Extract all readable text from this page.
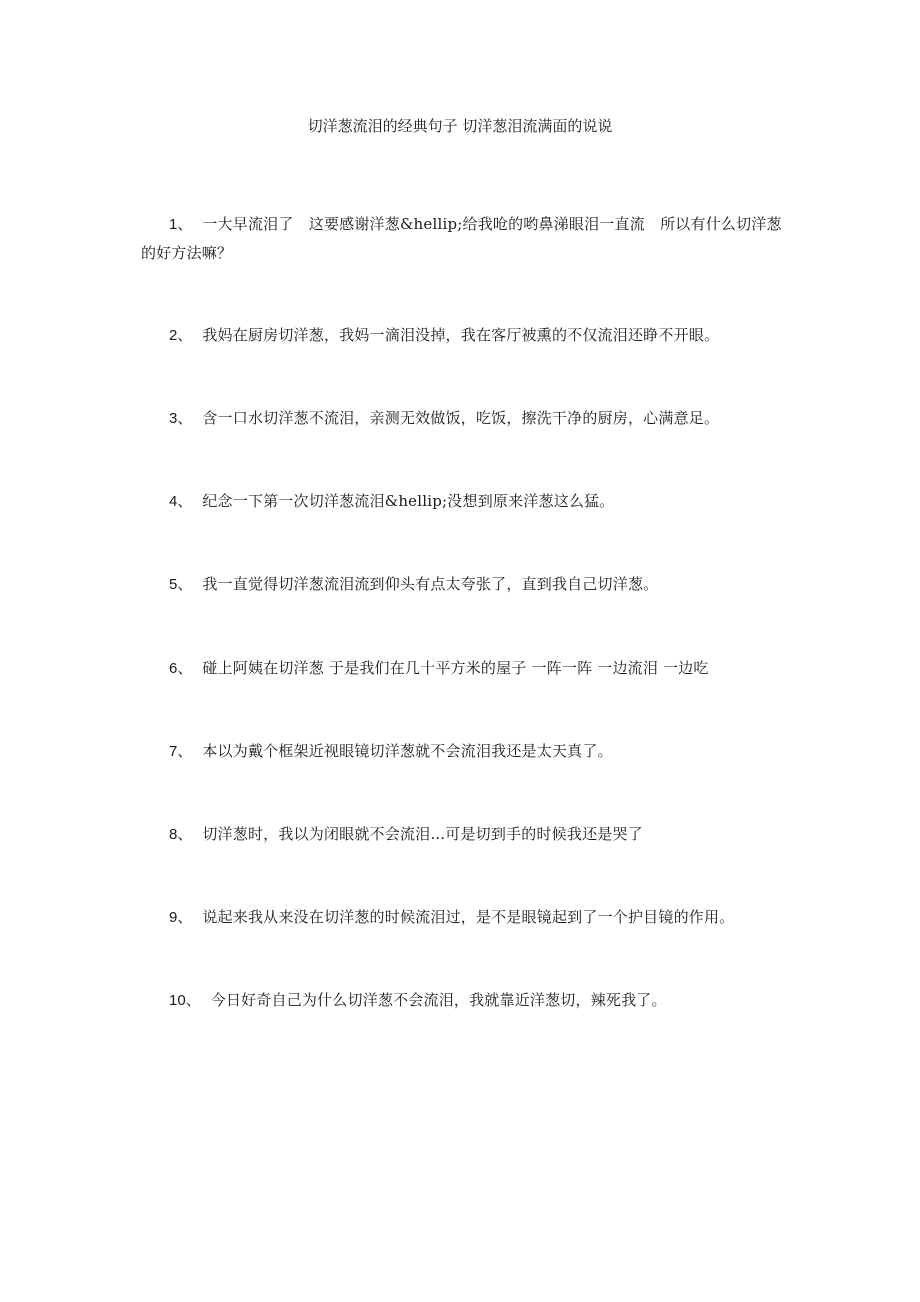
切洋葱流泪的经典句子 切洋葱泪流满面的说说
1、 一大早流泪了　这要感谢洋葱&hellip;给我呛的哟鼻涕眼泪一直流　所以有什么切洋葱的好方法嘛？
2、 我妈在厨房切洋葱，我妈一滴泪没掉，我在客厅被熏的不仅流泪还睁不开眼。
3、 含一口水切洋葱不流泪，亲测无效做饭，吃饭，擦洗干净的厨房，心满意足。
4、 纪念一下第一次切洋葱流泪&hellip;没想到原来洋葱这么猛。
5、 我一直觉得切洋葱流泪流到仰头有点太夸张了，直到我自己切洋葱。
6、 碰上阿姨在切洋葱 于是我们在几十平方米的屋子 一阵一阵 一边流泪 一边吃
7、 本以为戴个框架近视眼镜切洋葱就不会流泪我还是太天真了。
8、 切洋葱时，我以为闭眼就不会流泪...可是切到手的时候我还是哭了
9、 说起来我从来没在切洋葱的时候流泪过，是不是眼镜起到了一个护目镜的作用。
10、 今日好奇自己为什么切洋葱不会流泪，我就靠近洋葱切，辣死我了。
